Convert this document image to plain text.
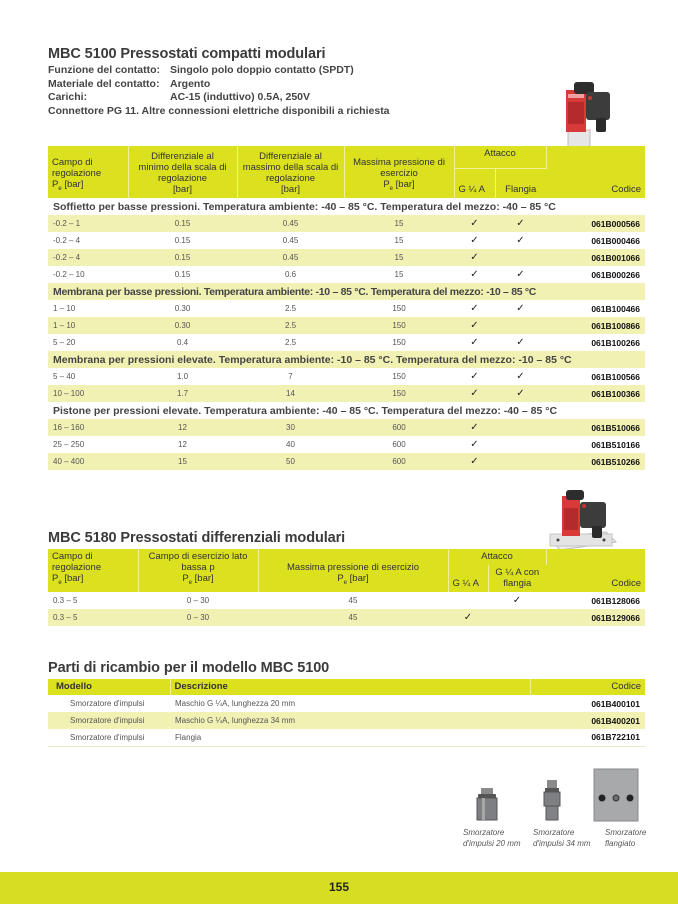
MBC 5100 Pressostati compatti modulari
Funzione del contatto: Singolo polo doppio contatto (SPDT)
Materiale del contatto:	Argento
Carichi:	AC-15 (induttivo) 0.5A, 250V
Connettore PG 11. Altre connessioni elettriche disponibili a richiesta
Campo di
regolazione
$P_e$ [bar]	Differenziale al
minimo della scala di
regolazione
[bar]	Differenziale al
massimo della scala di
regolazione
[bar]	Massima pressione di
esercizio
$P_e$ [bar]	Attacco		Codice
				G ¼ A	Flangia	
Soffietto per basse pressioni. Temperatura ambiente: -40 – 85 °C. Temperatura del mezzo: -40 – 85 °C						
-0.2 – 1	0.15	0.45	15	✓	✓	061B000566
-0.2 – 4	0.15	0.45	15	✓	✓	061B000466
-0.2 – 4	0.15	0.45	15	✓		061B001066
-0.2 – 10	0.15	0.6	15	✓	✓	061B000266
Membrana per basse pressioni. Temperatura ambiente: -10 – 85 °C. Temperatura del mezzo: -10 – 85 °C						
1 – 10	0.30	2.5	150	✓	✓	061B100466
1 – 10	0.30	2.5	150	✓		061B100866
5 – 20	0.4	2.5	150	✓	✓	061B100266
Membrana per pressioni elevate. Temperatura ambiente: -10 – 85 °C. Temperatura del mezzo: -10 – 85 °C						
5 – 40	1.0	7	150	✓	✓	061B100566
10 – 100	1.7	14	150	✓	✓	061B100366
Pistone per pressioni elevate. Temperatura ambiente: -40 – 85 °C. Temperatura del mezzo: -40 – 85 °C						
16 – 160	12	30	600	✓		061B510066
25 – 250	12	40	600	✓		061B510166
40 – 400	15	50	600	✓		061B510266
MBC 5180 Pressostati differenziali modulari
Campo di
regolazione
$P_e$ [bar]	Campo di esercizio lato
bassa p
$P_e$ [bar]	Massima pressione di esercizio
$P_e$ [bar]	Attacco		Codice
			G ¼ A	G ¼ A con
flangia	
0.3 – 5	0 – 30	45		✓	061B128066
0.3 – 5	0 – 30	45	✓		061B129066
Parti di ricambio per il modello MBC 5100
Modello	Descrizione	Codice
Smorzatore d'impulsi	Maschio G ¼A, lunghezza 20 mm	061B400101
Smorzatore d'impulsi	Maschio G ¼A, lunghezza 34 mm	061B400201
Smorzatore d'impulsi	Flangia	061B722101
Smorzatore
d'impulsi 20 mm
Smorzatore
d'impulsi 34 mm
Smorzatore
flangiato
155
